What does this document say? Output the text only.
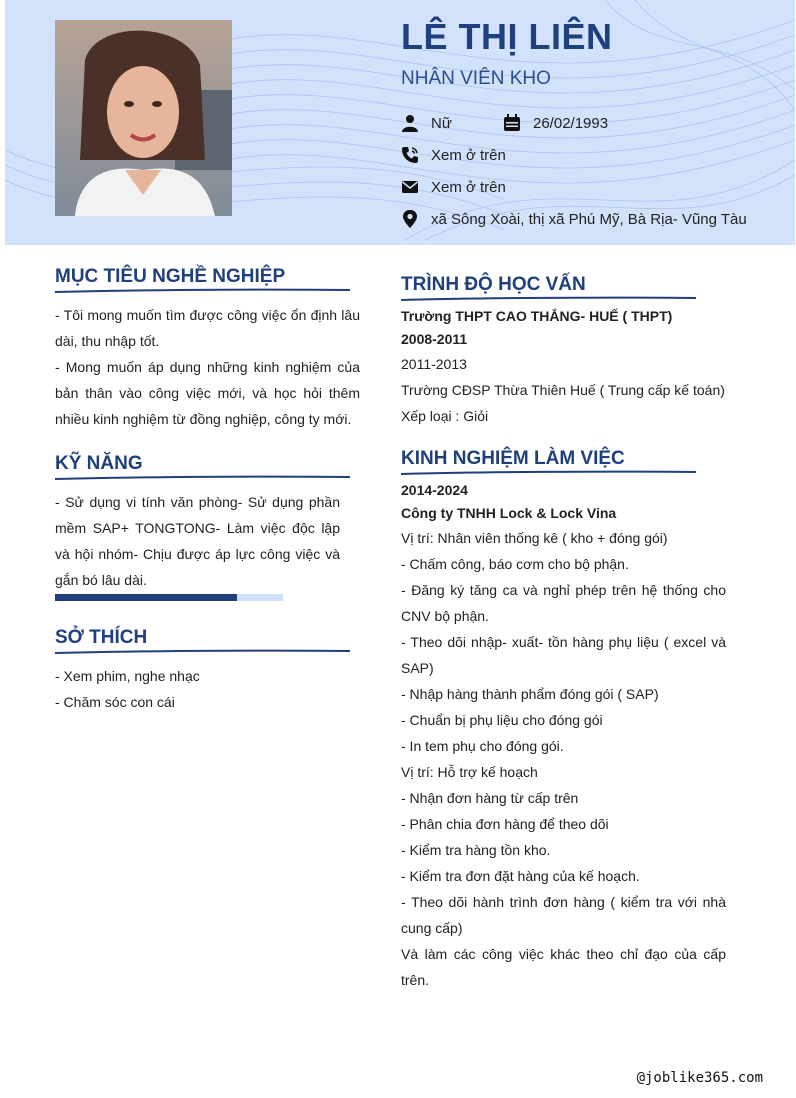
LÊ THỊ LIÊN
NHÂN VIÊN KHO
Nữ	26/02/1993
Xem ở trên
Xem ở trên
xã Sông Xoài, thị xã Phú Mỹ, Bà Rịa- Vũng Tàu
MỤC TIÊU NGHỀ NGHIỆP
- Tôi mong muốn tìm được công việc ổn định lâu dài, thu nhập tốt.
- Mong muốn áp dụng những kinh nghiệm của bản thân vào công việc mới, và học hỏi thêm nhiều kinh nghiệm từ đồng nghiệp, công ty mới.
KỸ NĂNG
- Sử dụng vi tính văn phòng- Sử dụng phần mềm SAP+ TONGTONG- Làm việc độc lập và hội nhóm- Chịu được áp lực công việc và gắn bó lâu dài.
SỞ THÍCH
- Xem phim, nghe nhạc
- Chăm sóc con cái
TRÌNH ĐỘ HỌC VẤN
Trường THPT CAO THẮNG- HUẾ ( THPT)
2008-2011
2011-2013
Trường CĐSP Thừa Thiên Huế ( Trung cấp kế toán)
Xếp loại : Giỏi
KINH NGHIỆM LÀM VIỆC
2014-2024
Công ty TNHH Lock & Lock Vina
Vị trí: Nhân viên thống kê ( kho + đóng gói)
- Chấm công, báo cơm cho bộ phận.
- Đăng ký tăng ca và nghỉ phép trên hệ thống cho CNV bộ phận.
- Theo dõi nhập- xuất- tồn hàng phụ liệu ( excel và SAP)
- Nhập hàng thành phẩm đóng gói ( SAP)
- Chuẩn bị phụ liệu cho đóng gói
- In tem phụ cho đóng gói.
Vị trí: Hỗ trợ kế hoạch
- Nhận đơn hàng từ cấp trên
- Phân chia đơn hàng để theo dõi
- Kiểm tra hàng tồn kho.
- Kiểm tra đơn đặt hàng của kế hoạch.
- Theo dõi hành trình đơn hàng ( kiểm tra với nhà cung cấp)
Và làm các công việc khác theo chỉ đạo của cấp trên.
@joblike365.com
